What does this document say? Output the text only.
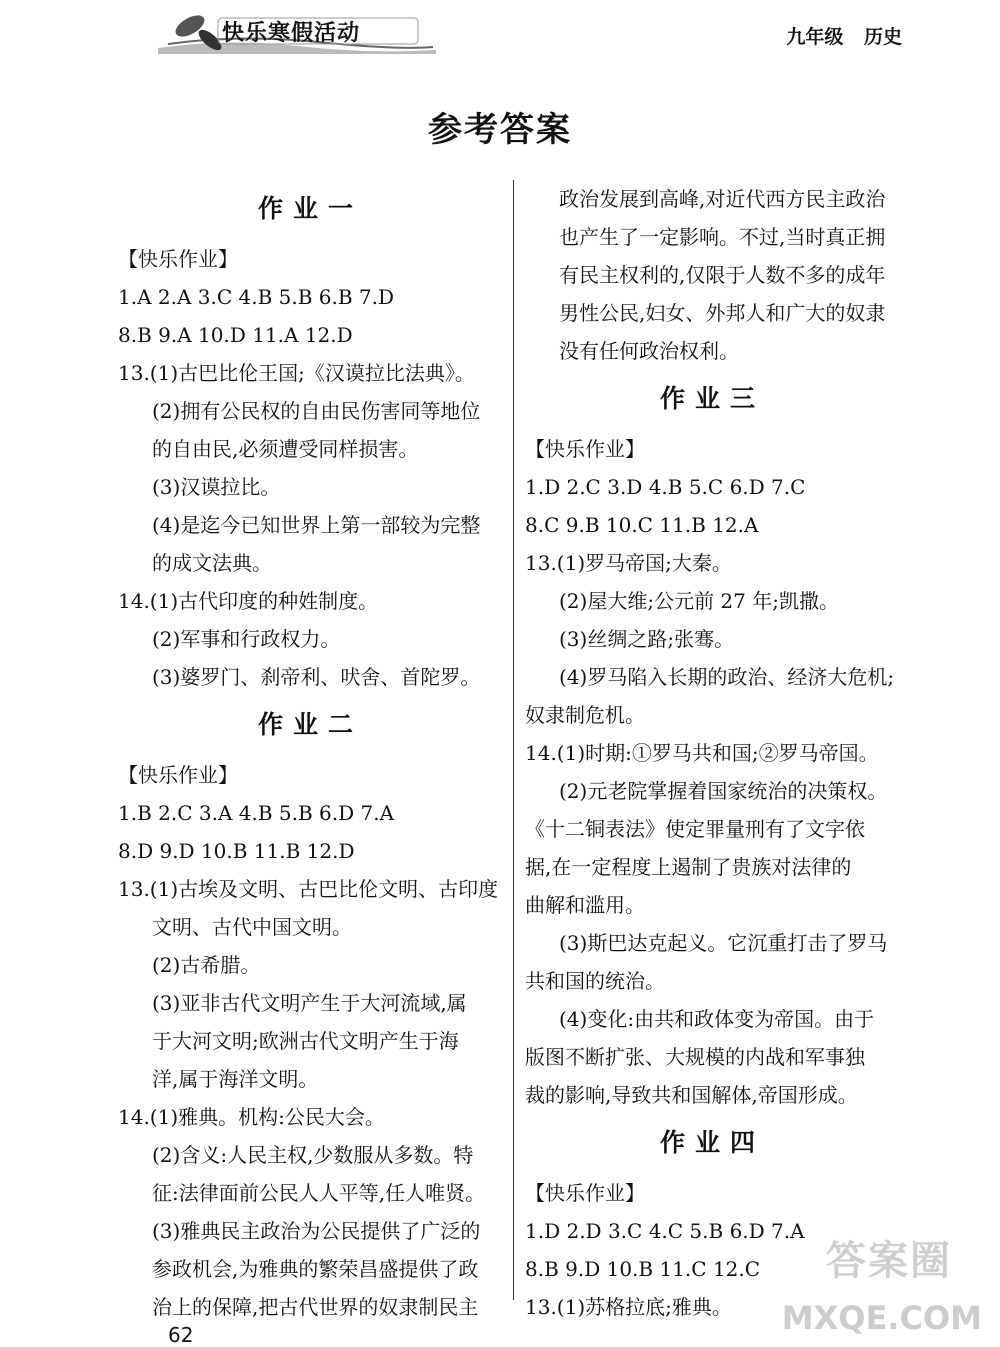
快乐寒假活动	九年级 历史
参考答案
作业一
【快乐作业】
1.A 2.A 3.C 4.B 5.B 6.B 7.D
8.B 9.A 10.D 11.A 12.D
13.(1)古巴比伦王国;《汉谟拉比法典》。
(2)拥有公民权的自由民伤害同等地位
的自由民,必须遭受同样损害。
(3)汉谟拉比。
(4)是迄今已知世界上第一部较为完整
的成文法典。
14.(1)古代印度的种姓制度。
(2)军事和行政权力。
(3)婆罗门、刹帝利、吠舍、首陀罗。
作业二
【快乐作业】
1.B 2.C 3.A 4.B 5.B 6.D 7.A
8.D 9.D 10.B 11.B 12.D
13.(1)古埃及文明、古巴比伦文明、古印度
文明、古代中国文明。
(2)古希腊。
(3)亚非古代文明产生于大河流域,属
于大河文明;欧洲古代文明产生于海
洋,属于海洋文明。
14.(1)雅典。机构:公民大会。
(2)含义:人民主权,少数服从多数。特
征:法律面前公民人人平等,任人唯贤。
(3)雅典民主政治为公民提供了广泛的
参政机会,为雅典的繁荣昌盛提供了政
治上的保障,把古代世界的奴隶制民主
政治发展到高峰,对近代西方民主政治
也产生了一定影响。不过,当时真正拥
有民主权利的,仅限于人数不多的成年
男性公民,妇女、外邦人和广大的奴隶
没有任何政治权利。
作业三
【快乐作业】
1.D 2.C 3.D 4.B 5.C 6.D 7.C
8.C 9.B 10.C 11.B 12.A
13.(1)罗马帝国;大秦。
(2)屋大维;公元前 27 年;凯撒。
(3)丝绸之路;张骞。
(4)罗马陷入长期的政治、经济大危机;
奴隶制危机。
14.(1)时期:①罗马共和国;②罗马帝国。
(2)元老院掌握着国家统治的决策权。
《十二铜表法》使定罪量刑有了文字依
据,在一定程度上遏制了贵族对法律的
曲解和滥用。
(3)斯巴达克起义。它沉重打击了罗马
共和国的统治。
(4)变化:由共和政体变为帝国。由于
版图不断扩张、大规模的内战和军事独
裁的影响,导致共和国解体,帝国形成。
作业四
【快乐作业】
1.D 2.D 3.C 4.C 5.B 6.D 7.A
8.B 9.D 10.B 11.C 12.C
13.(1)苏格拉底;雅典。
62
答案圈
MXQE.COM
